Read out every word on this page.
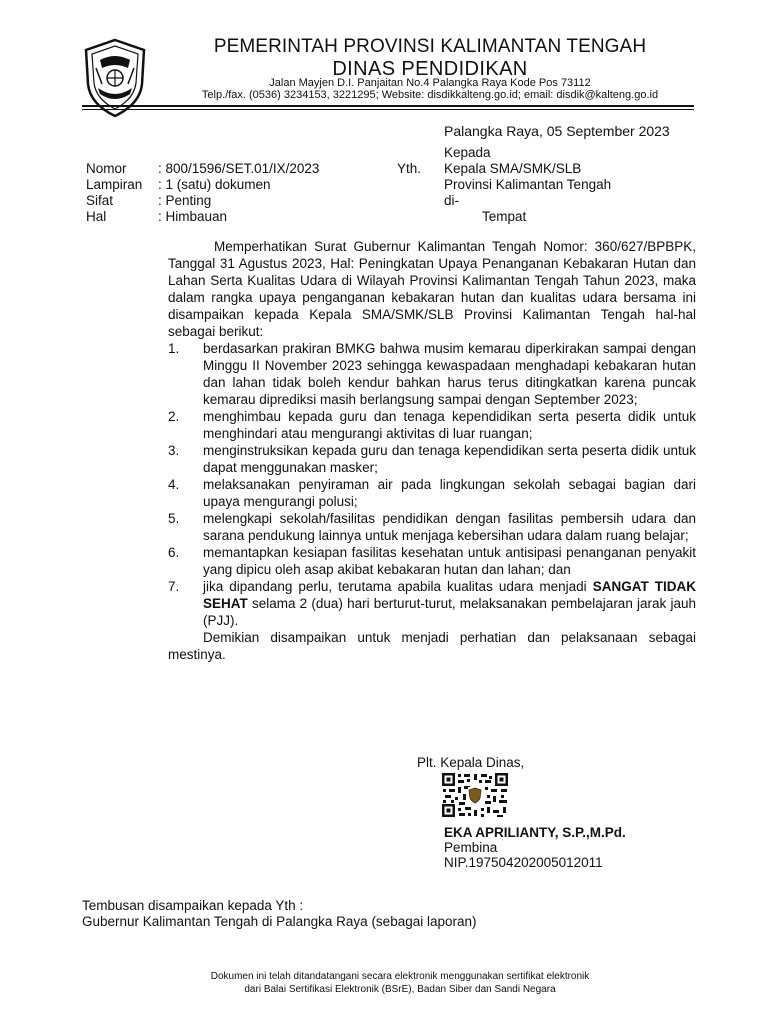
PEMERINTAH PROVINSI KALIMANTAN TENGAH
DINAS PENDIDIKAN
Jalan Mayjen D.I. Panjaitan No.4 Palangka Raya Kode Pos 73112
Telp./fax. (0536) 3234153, 3221295; Website: disdikkalteng.go.id; email: disdik@kalteng.go.id
Palangka Raya, 05 September 2023
Nomor
Lampiran
Sifat
Hal
: 800/1596/SET.01/IX/2023
: 1 (satu) dokumen
: Penting
: Himbauan
Yth.
Kepada
Kepala SMA/SMK/SLB
Provinsi Kalimantan Tengah
di-
Tempat

Memperhatikan Surat Gubernur Kalimantan Tengah Nomor: 360/627/BPBPK, Tanggal 31 Agustus 2023, Hal: Peningkatan Upaya Penanganan Kebakaran Hutan dan Lahan Serta Kualitas Udara di Wilayah Provinsi Kalimantan Tengah Tahun 2023, maka dalam rangka upaya penganganan kebakaran hutan dan kualitas udara bersama ini disampaikan kepada Kepala SMA/SMK/SLB Provinsi Kalimantan Tengah hal-hal sebagai berikut:

1. berdasarkan prakiran BMKG bahwa musim kemarau diperkirakan sampai dengan Minggu II November 2023 sehingga kewaspadaan menghadapi kebakaran hutan dan lahan tidak boleh kendur bahkan harus terus ditingkatkan karena puncak kemarau diprediksi masih berlangsung sampai dengan September 2023;
2. menghimbau kepada guru dan tenaga kependidikan serta peserta didik untuk menghindari atau mengurangi aktivitas di luar ruangan;
3. menginstruksikan kepada guru dan tenaga kependidikan serta peserta didik untuk dapat menggunakan masker;
4. melaksanakan penyiraman air pada lingkungan sekolah sebagai bagian dari upaya mengurangi polusi;
5. melengkapi sekolah/fasilitas pendidikan dengan fasilitas pembersih udara dan sarana pendukung lainnya untuk menjaga kebersihan udara dalam ruang belajar;
6. memantapkan kesiapan fasilitas kesehatan untuk antisipasi penanganan penyakit yang dipicu oleh asap akibat kebakaran hutan dan lahan; dan
7. jika dipandang perlu, terutama apabila kualitas udara menjadi SANGAT TIDAK SEHAT selama 2 (dua) hari berturut-turut, melaksanakan pembelajaran jarak jauh (PJJ).

Demikian disampaikan untuk menjadi perhatian dan pelaksanaan sebagai mestinya.

Plt. Kepala Dinas,
EKA APRILIANTY, S.P.,M.Pd.
Pembina
NIP.197504202005012011
Tembusan disampaikan kepada Yth :
Gubernur Kalimantan Tengah di Palangka Raya (sebagai laporan)
Dokumen ini telah ditandatangani secara elektronik menggunakan sertifikat elektronik
dari Balai Sertifikasi Elektronik (BSrE), Badan Siber dan Sandi Negara
